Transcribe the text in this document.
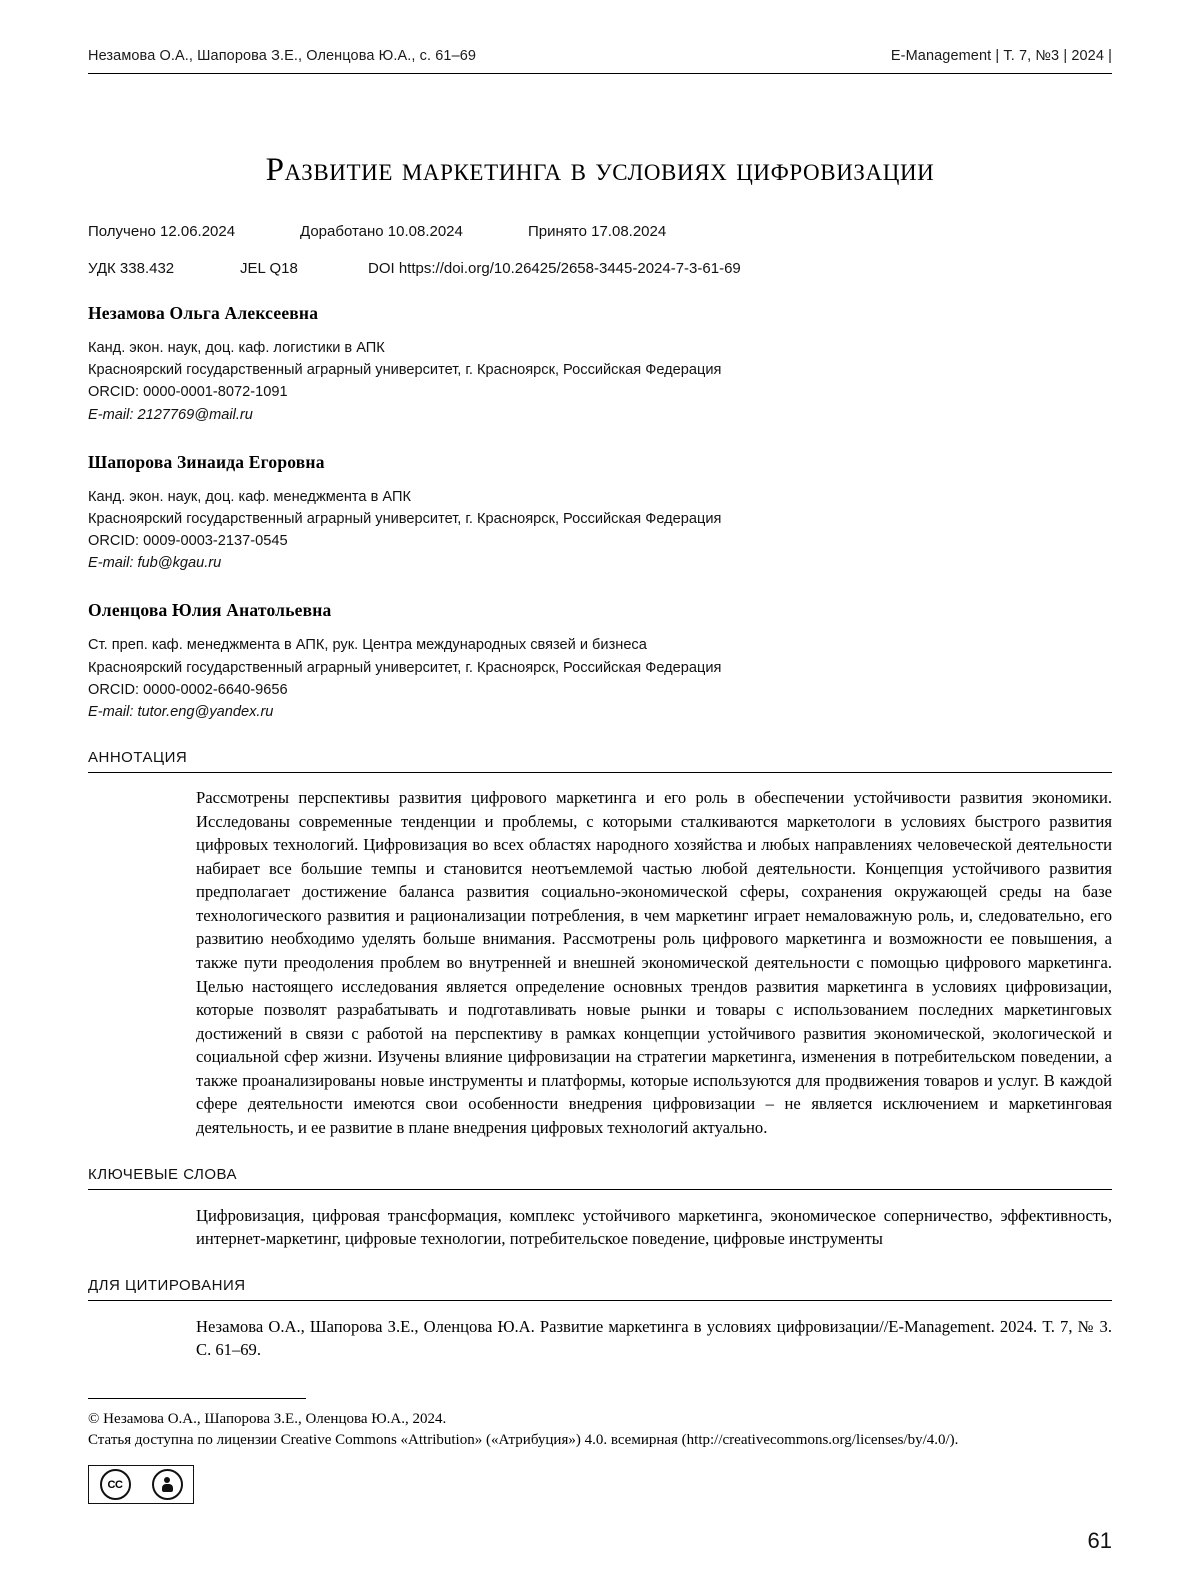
Незамова О.А., Шапорова З.Е., Оленцова Ю.А., с. 61–69	E-Management | Т. 7, №3 | 2024 |
Развитие маркетинга в условиях цифровизации
Получено 12.06.2024	Доработано 10.08.2024	Принято 17.08.2024
УДК 338.432	JEL Q18	DOI https://doi.org/10.26425/2658-3445-2024-7-3-61-69
Незамова Ольга Алексеевна
Канд. экон. наук, доц. каф. логистики в АПК
Красноярский государственный аграрный университет, г. Красноярск, Российская Федерация
ORCID: 0000-0001-8072-1091
E-mail: 2127769@mail.ru
Шапорова Зинаида Егоровна
Канд. экон. наук, доц. каф. менеджмента в АПК
Красноярский государственный аграрный университет, г. Красноярск, Российская Федерация
ORCID: 0009-0003-2137-0545
E-mail: fub@kgau.ru
Оленцова Юлия Анатольевна
Ст. преп. каф. менеджмента в АПК, рук. Центра международных связей и бизнеса
Красноярский государственный аграрный университет, г. Красноярск, Российская Федерация
ORCID: 0000-0002-6640-9656
E-mail: tutor.eng@yandex.ru
АННОТАЦИЯ
Рассмотрены перспективы развития цифрового маркетинга и его роль в обеспечении устойчивости развития экономики. Исследованы современные тенденции и проблемы, с которыми сталкиваются маркетологи в условиях быстрого развития цифровых технологий. Цифровизация во всех областях народного хозяйства и любых направлениях человеческой деятельности набирает все большие темпы и становится неотъемлемой частью любой деятельности. Концепция устойчивого развития предполагает достижение баланса развития социально-экономической сферы, сохранения окружающей среды на базе технологического развития и рационализации потребления, в чем маркетинг играет немаловажную роль, и, следовательно, его развитию необходимо уделять больше внимания. Рассмотрены роль цифрового маркетинга и возможности ее повышения, а также пути преодоления проблем во внутренней и внешней экономической деятельности с помощью цифрового маркетинга. Целью настоящего исследования является определение основных трендов развития маркетинга в условиях цифровизации, которые позволят разрабатывать и подготавливать новые рынки и товары с использованием последних маркетинговых достижений в связи с работой на перспективу в рамках концепции устойчивого развития экономической, экологической и социальной сфер жизни. Изучены влияние цифровизации на стратегии маркетинга, изменения в потребительском поведении, а также проанализированы новые инструменты и платформы, которые используются для продвижения товаров и услуг. В каждой сфере деятельности имеются свои особенности внедрения цифровизации – не является исключением и маркетинговая деятельность, и ее развитие в плане внедрения цифровых технологий актуально.
КЛЮЧЕВЫЕ СЛОВА
Цифровизация, цифровая трансформация, комплекс устойчивого маркетинга, экономическое соперничество, эффективность, интернет-маркетинг, цифровые технологии, потребительское поведение, цифровые инструменты
ДЛЯ ЦИТИРОВАНИЯ
Незамова О.А., Шапорова З.Е., Оленцова Ю.А. Развитие маркетинга в условиях цифровизации//E-Management. 2024. Т. 7, № 3. С. 61–69.
© Незамова О.А., Шапорова З.Е., Оленцова Ю.А., 2024.
Статья доступна по лицензии Creative Commons «Attribution» («Атрибуция») 4.0. всемирная (http://creativecommons.org/licenses/by/4.0/).
CC
61
